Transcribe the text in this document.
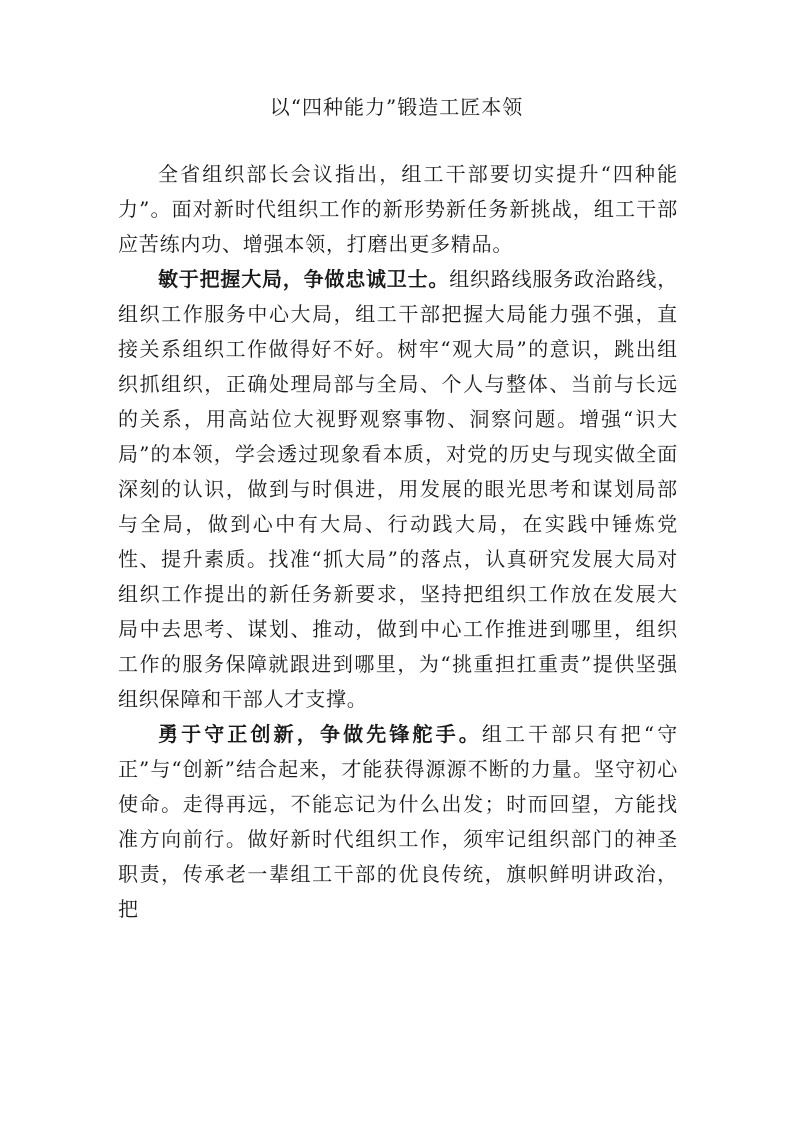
以“四种能力”锻造工匠本领

全省组织部长会议指出，组工干部要切实提升“四种能力”。面对新时代组织工作的新形势新任务新挑战，组工干部应苦练内功、增强本领，打磨出更多精品。

敏于把握大局，争做忠诚卫士。组织路线服务政治路线，组织工作服务中心大局，组工干部把握大局能力强不强，直接关系组织工作做得好不好。树牢“观大局”的意识，跳出组织抓组织，正确处理局部与全局、个人与整体、当前与长远的关系，用高站位大视野观察事物、洞察问题。增强“识大局”的本领，学会透过现象看本质，对党的历史与现实做全面深刻的认识，做到与时俱进，用发展的眼光思考和谋划局部与全局，做到心中有大局、行动践大局，在实践中锤炼党性、提升素质。找准“抓大局”的落点，认真研究发展大局对组织工作提出的新任务新要求，坚持把组织工作放在发展大局中去思考、谋划、推动，做到中心工作推进到哪里，组织工作的服务保障就跟进到哪里，为“挑重担扛重责”提供坚强组织保障和干部人才支撑。

勇于守正创新，争做先锋舵手。组工干部只有把“守正”与“创新”结合起来，才能获得源源不断的力量。坚守初心使命。走得再远，不能忘记为什么出发；时而回望，方能找准方向前行。做好新时代组织工作，须牢记组织部门的神圣职责，传承老一辈组工干部的优良传统，旗帜鲜明讲政治，把
